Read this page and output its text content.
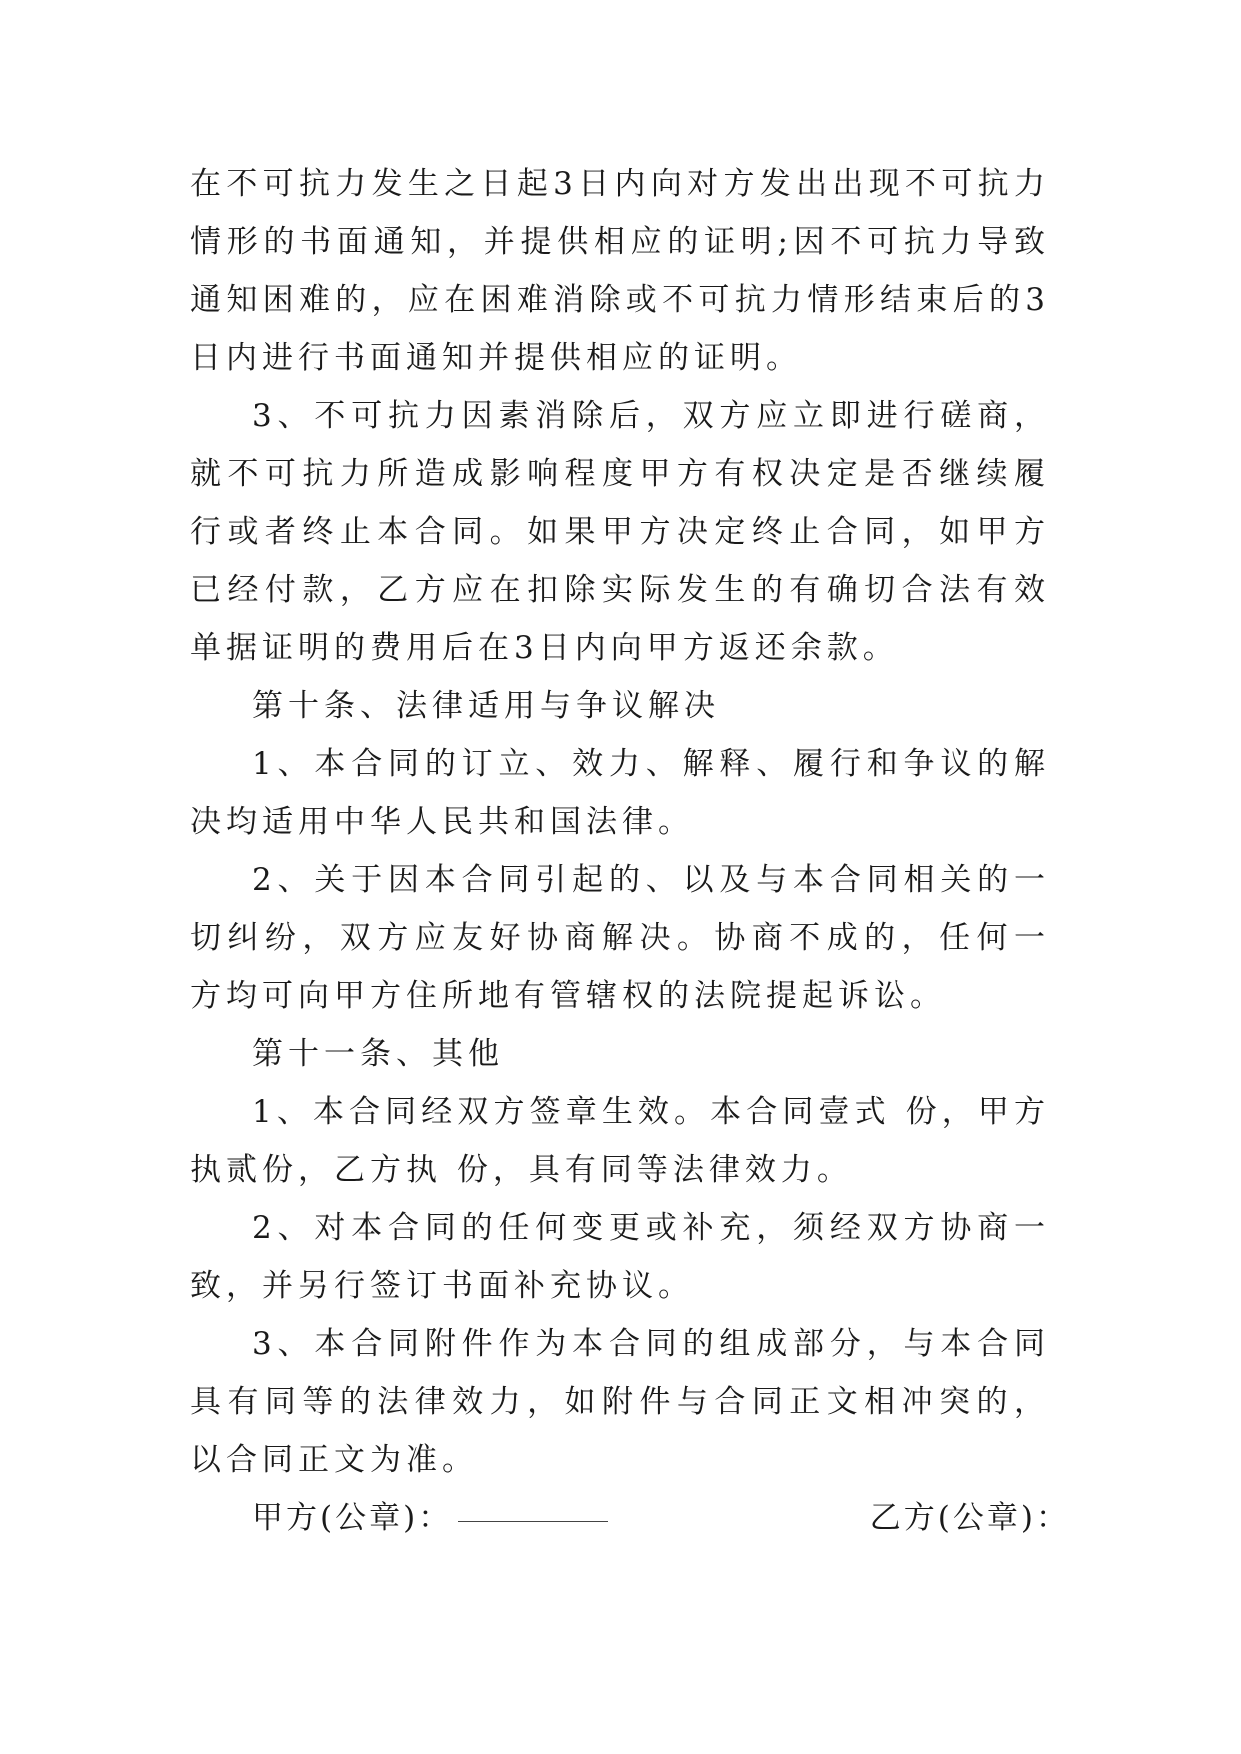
在不可抗力发生之日起3日内向对方发出出现不可抗力情形的书面通知，并提供相应的证明;因不可抗力导致通知困难的，应在困难消除或不可抗力情形结束后的3日内进行书面通知并提供相应的证明。

3、不可抗力因素消除后，双方应立即进行磋商，就不可抗力所造成影响程度甲方有权决定是否继续履行或者终止本合同。如果甲方决定终止合同，如甲方已经付款，乙方应在扣除实际发生的有确切合法有效单据证明的费用后在3日内向甲方返还余款。

第十条、法律适用与争议解决

1、本合同的订立、效力、解释、履行和争议的解决均适用中华人民共和国法律。

2、关于因本合同引起的、以及与本合同相关的一切纠纷，双方应友好协商解决。协商不成的，任何一方均可向甲方住所地有管辖权的法院提起诉讼。

第十一条、其他

1、本合同经双方签章生效。本合同壹式 份，甲方执贰份，乙方执 份，具有同等法律效力。

2、对本合同的任何变更或补充，须经双方协商一致，并另行签订书面补充协议。

3、本合同附件作为本合同的组成部分，与本合同具有同等的法律效力，如附件与合同正文相冲突的，以合同正文为准。

甲方(公章)：	乙方(公章)：
